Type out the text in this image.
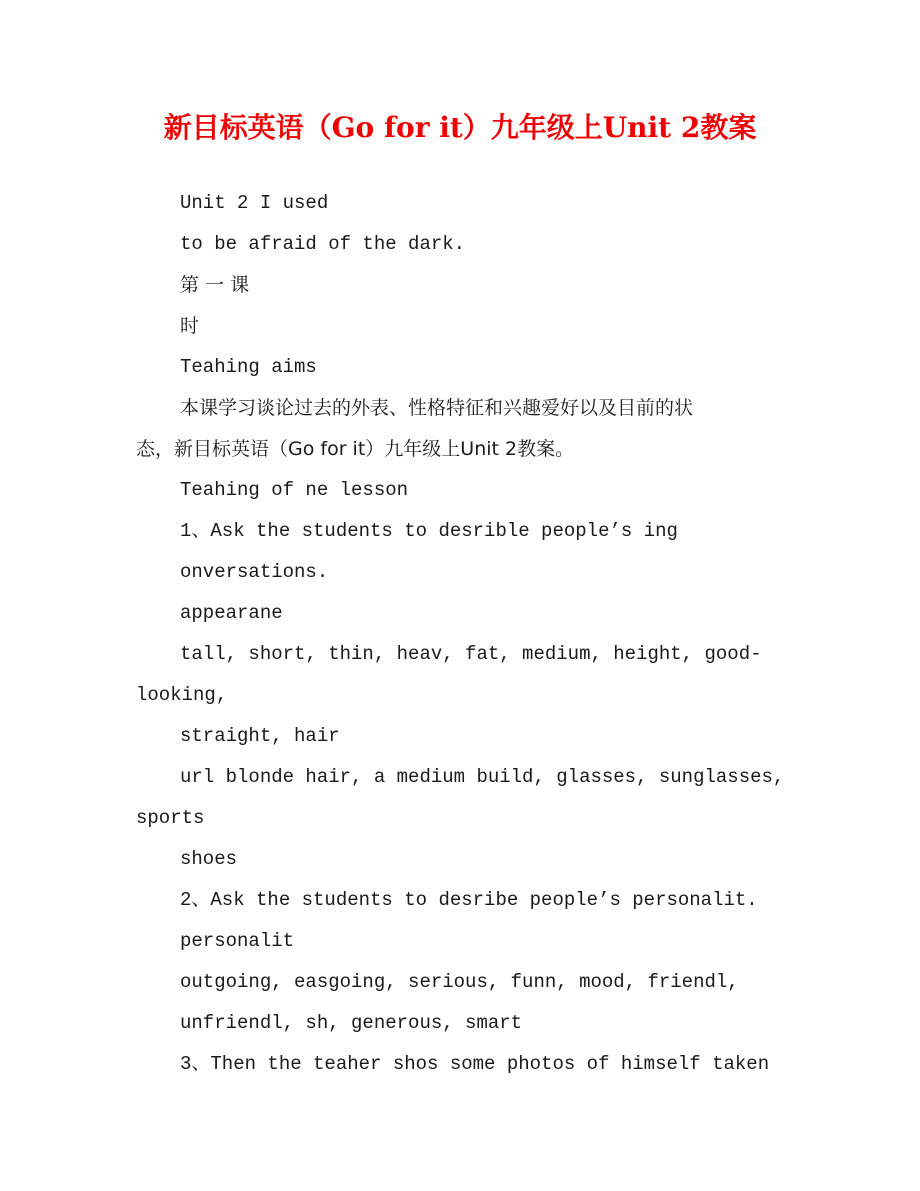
新目标英语（Go for it）九年级上Unit 2教案
Unit 2 I used
to be afraid of the dark.
第 一 课
时
Teahing aims
本课学习谈论过去的外表、性格特征和兴趣爱好以及目前的状
态，新目标英语（Go for it）九年级上Unit 2教案。
Teahing of ne lesson
1、Ask the students to desrible people’s ing
onversations.
appearane
tall, short, thin, heav, fat, medium, height, good-
looking,
straight, hair
url blonde hair, a medium build, glasses, sunglasses,
sports
shoes
2、Ask the students to desribe people’s personalit.
personalit
outgoing, easgoing, serious, funn, mood, friendl,
unfriendl, sh, generous, smart
3、Then the teaher shos some photos of himself taken
